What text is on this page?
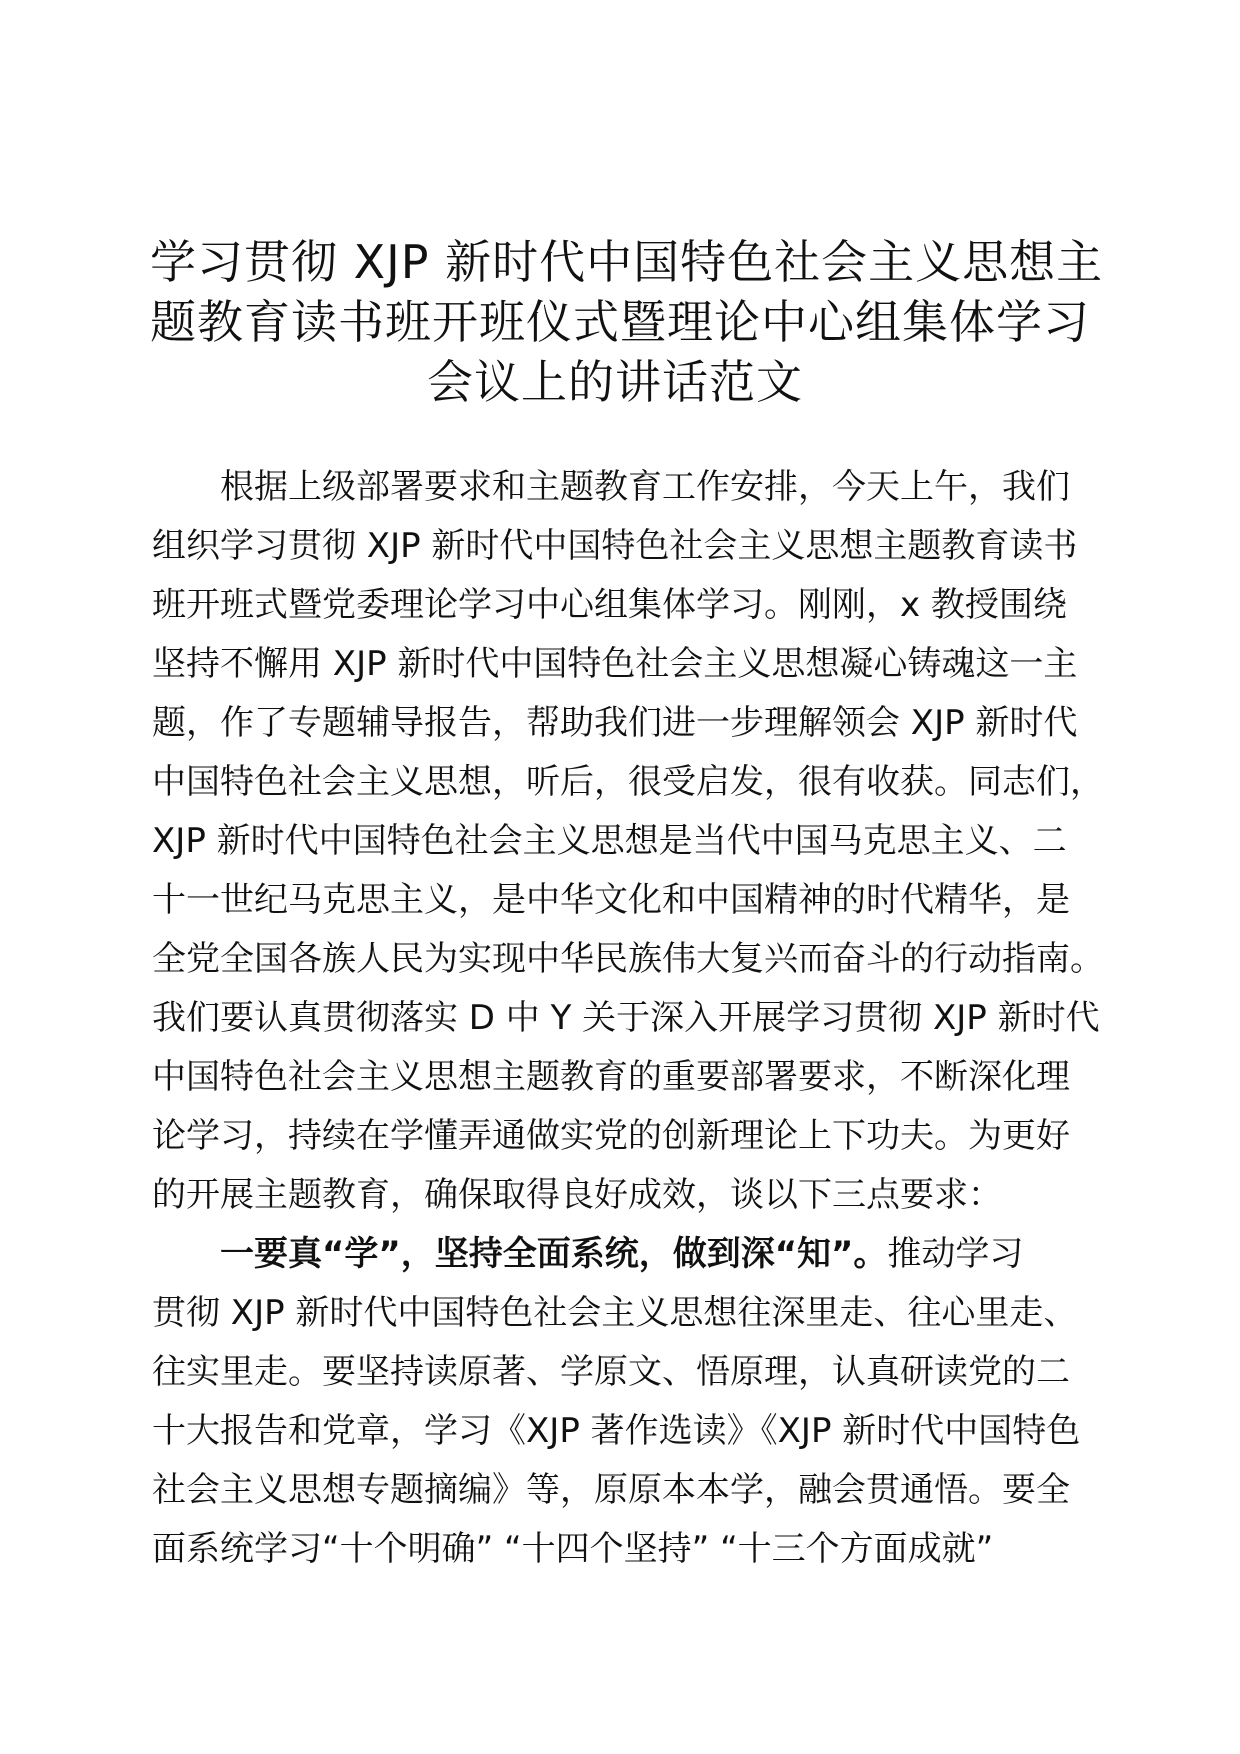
学习贯彻 XJP 新时代中国特色社会主义思想主
题教育读书班开班仪式暨理论中心组集体学习
会议上的讲话范文
根据上级部署要求和主题教育工作安排，今天上午，我们
组织学习贯彻 XJP 新时代中国特色社会主义思想主题教育读书
班开班式暨党委理论学习中心组集体学习。刚刚，x 教授围绕
坚持不懈用 XJP 新时代中国特色社会主义思想凝心铸魂这一主
题，作了专题辅导报告，帮助我们进一步理解领会 XJP 新时代
中国特色社会主义思想，听后，很受启发，很有收获。同志们，
XJP 新时代中国特色社会主义思想是当代中国马克思主义、二
十一世纪马克思主义，是中华文化和中国精神的时代精华，是
全党全国各族人民为实现中华民族伟大复兴而奋斗的行动指南。
我们要认真贯彻落实 D 中 Y 关于深入开展学习贯彻 XJP 新时代
中国特色社会主义思想主题教育的重要部署要求，不断深化理
论学习，持续在学懂弄通做实党的创新理论上下功夫。为更好
的开展主题教育，确保取得良好成效，谈以下三点要求：
一要真“学”，坚持全面系统，做到深“知”。推动学习
贯彻 XJP 新时代中国特色社会主义思想往深里走、往心里走、
往实里走。要坚持读原著、学原文、悟原理，认真研读党的二
十大报告和党章，学习《XJP 著作选读》《XJP 新时代中国特色
社会主义思想专题摘编》等，原原本本学，融会贯通悟。要全
面系统学习“十个明确” “十四个坚持” “十三个方面成就”
